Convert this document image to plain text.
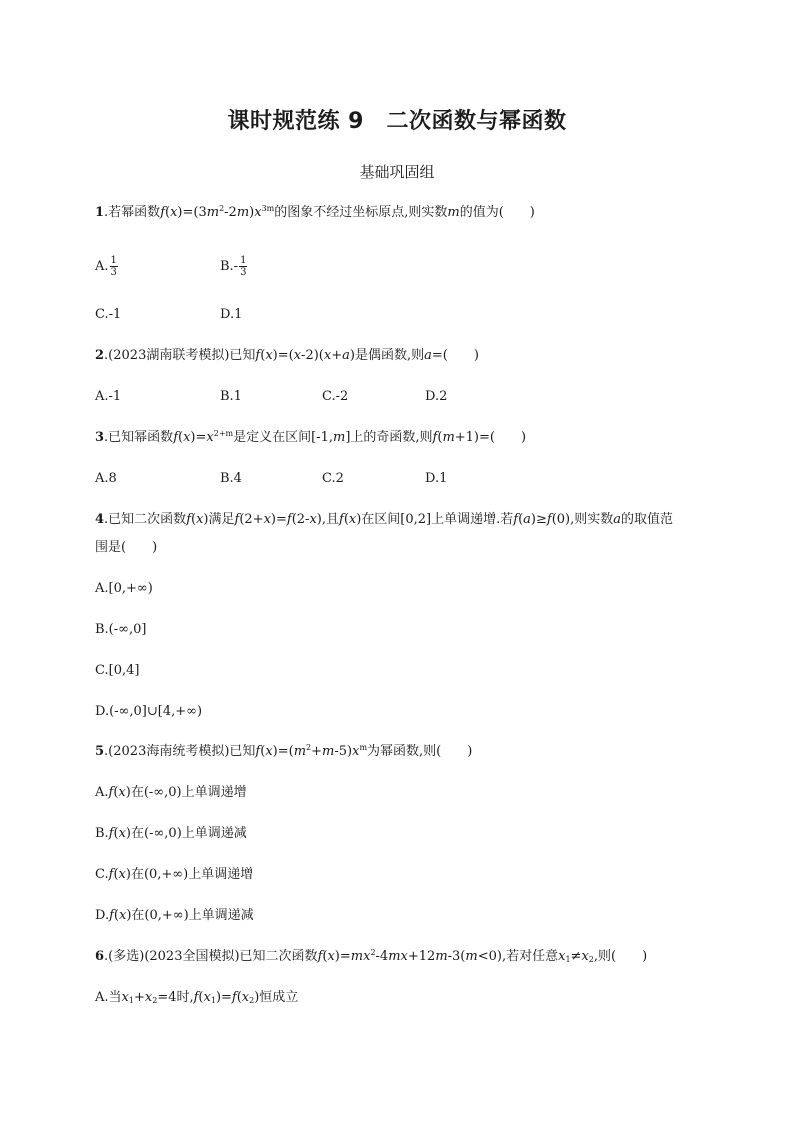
课时规范练 9　二次函数与幂函数
基础巩固组
1.若幂函数$f(x)=(3m^2-2m)x^{3m}$的图象不经过坐标原点,则实数m的值为(　　)
A. $\frac{1}{3}$	$B.- \frac{1}{3}$
C.-1	D.1
2.(2023湖南联考模拟)已知f(x)=(x-2)(x+a)是偶函数,则a=(　　)
A.-1	B.1	C.-2	D.2
3.已知幂函数$f(x)=x^{2+m}$是定义在区间[-1,m]上的奇函数,则f(m+1)=(　　)
A.8	B.4	C.2	D.1
4.已知二次函数f(x)满足f(2+x)=f(2-x),且f(x)在区间[0,2]上单调递增.若f(a)≥f(0),则实数a的取值范
围是(　　)
A.[0,+∞)
B.(-∞,0]
C.[0,4]
D.(-∞,0]∪[4,+∞)
5.(2023海南统考模拟)已知$f(x)=(m^2+m-5)x^m$为幂函数,则(　　)
A.f(x)在(-∞,0)上单调递增
B.f(x)在(-∞,0)上单调递减
C.f(x)在(0,+∞)上单调递增
D.f(x)在(0,+∞)上单调递减
6.(多选)(2023全国模拟)已知二次函数$f(x)=mx^2-4mx+12m-3(m<0)$,若对任意$x_1\ne x_2$,则(　　)
A.当$x_1+x_2=4$时$,f(x_1)=f(x_2)$恒成立
